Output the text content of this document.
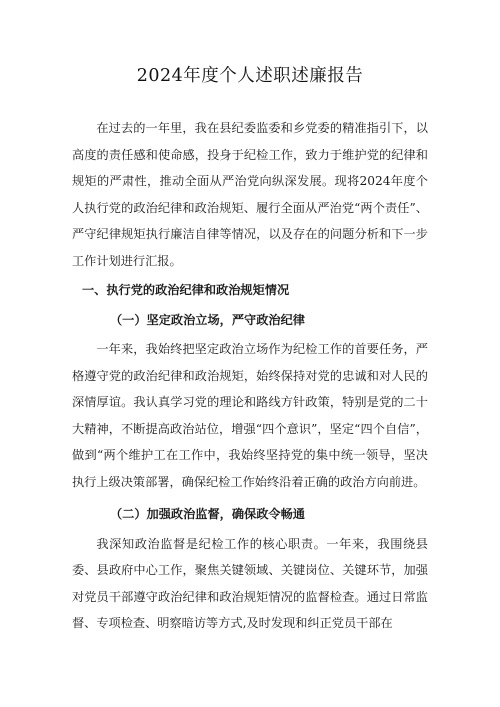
2024年度个人述职述廉报告

在过去的一年里，我在县纪委监委和乡党委的精准指引下，以高度的责任感和使命感，投身于纪检工作，致力于维护党的纪律和规矩的严肃性，推动全面从严治党向纵深发展。现将2024年度个人执行党的政治纪律和政治规矩、履行全面从严治党“两个责任”、严守纪律规矩执行廉洁自律等情况，以及存在的问题分析和下一步工作计划进行汇报。

一、执行党的政治纪律和政治规矩情况

（一）坚定政治立场，严守政治纪律

一年来，我始终把坚定政治立场作为纪检工作的首要任务，严格遵守党的政治纪律和政治规矩，始终保持对党的忠诚和对人民的深情厚谊。我认真学习党的理论和路线方针政策，特别是党的二十大精神，不断提高政治站位，增强“四个意识”，坚定“四个自信”，做到“两个维护工在工作中，我始终坚持党的集中统一领导，坚决执行上级决策部署，确保纪检工作始终沿着正确的政治方向前进。

（二）加强政治监督，确保政令畅通

我深知政治监督是纪检工作的核心职责。一年来，我围绕县委、县政府中心工作，聚焦关键领域、关键岗位、关键环节，加强对党员干部遵守政治纪律和政治规矩情况的监督检查。通过日常监督、专项检查、明察暗访等方式,及时发现和纠正党员干部在
